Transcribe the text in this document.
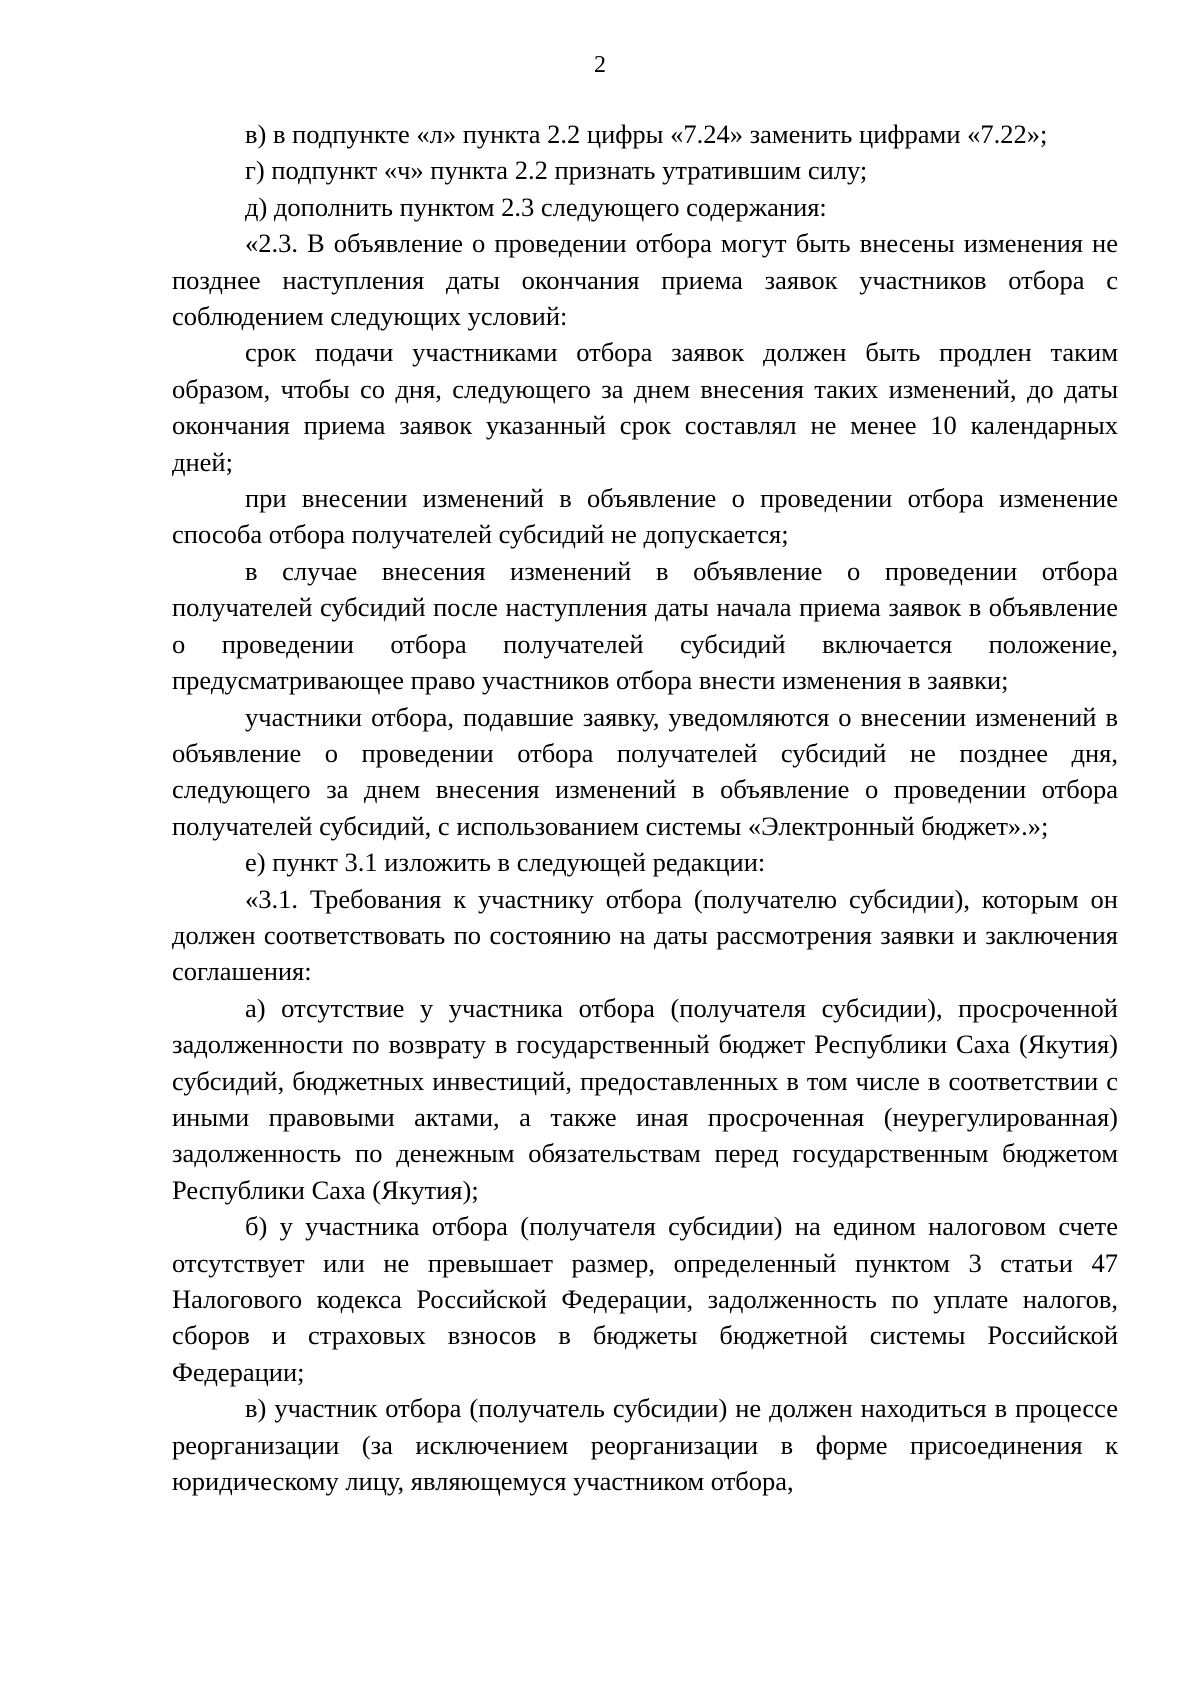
2

в) в подпункте «л» пункта 2.2 цифры «7.24» заменить цифрами «7.22»;

г) подпункт «ч» пункта 2.2 признать утратившим силу;

д) дополнить пунктом 2.3 следующего содержания:

«2.3. В объявление о проведении отбора могут быть внесены изменения не позднее наступления даты окончания приема заявок участников отбора с соблюдением следующих условий:

срок подачи участниками отбора заявок должен быть продлен таким образом, чтобы со дня, следующего за днем внесения таких изменений, до даты окончания приема заявок указанный срок составлял не менее 10 календарных дней;

при внесении изменений в объявление о проведении отбора изменение способа отбора получателей субсидий не допускается;

в случае внесения изменений в объявление о проведении отбора получателей субсидий после наступления даты начала приема заявок в объявление о проведении отбора получателей субсидий включается положение, предусматривающее право участников отбора внести изменения в заявки;

участники отбора, подавшие заявку, уведомляются о внесении изменений в объявление о проведении отбора получателей субсидий не позднее дня, следующего за днем внесения изменений в объявление о проведении отбора получателей субсидий, с использованием системы «Электронный бюджет».»;

е) пункт 3.1 изложить в следующей редакции:

«3.1. Требования к участнику отбора (получателю субсидии), которым он должен соответствовать по состоянию на даты рассмотрения заявки и заключения соглашения:

а) отсутствие у участника отбора (получателя субсидии), просроченной задолженности по возврату в государственный бюджет Республики Саха (Якутия) субсидий, бюджетных инвестиций, предоставленных в том числе в соответствии с иными правовыми актами, а также иная просроченная (неурегулированная) задолженность по денежным обязательствам перед государственным бюджетом Республики Саха (Якутия);

б) у участника отбора (получателя субсидии) на едином налоговом счете отсутствует или не превышает размер, определенный пунктом 3 статьи 47 Налогового кодекса Российской Федерации, задолженность по уплате налогов, сборов и страховых взносов в бюджеты бюджетной системы Российской Федерации;

в) участник отбора (получатель субсидии) не должен находиться в процессе реорганизации (за исключением реорганизации в форме присоединения к юридическому лицу, являющемуся участником отбора,
